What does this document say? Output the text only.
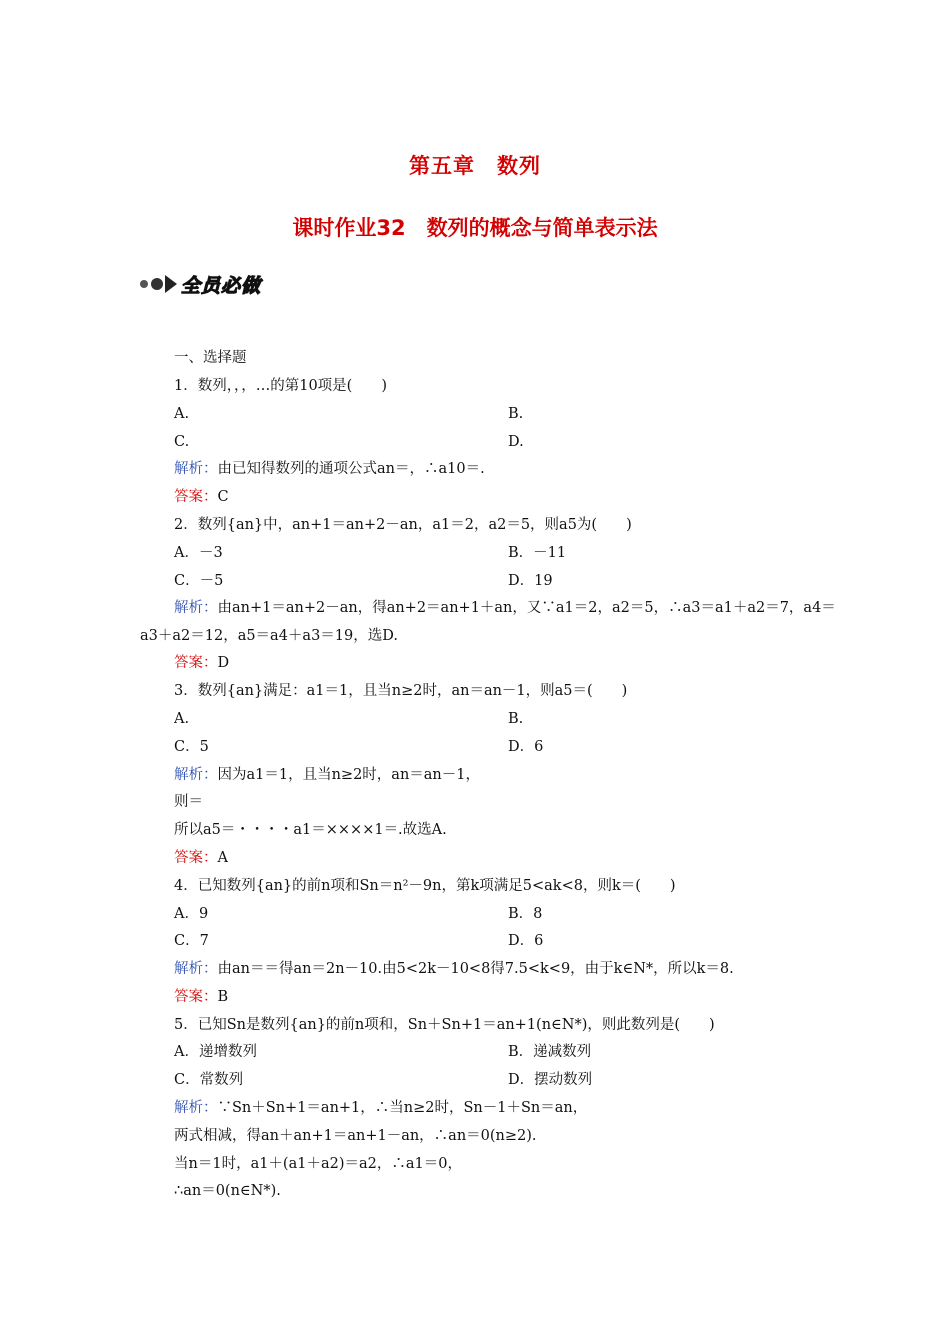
第五章　数列
课时作业32　数列的概念与简单表示法
全员必做
一、选择题
1．数列，，，…的第10项是(　　)
A.	B.
C.	D.
解析：由已知得数列的通项公式an＝，∴a10＝.
答案：C
2．数列{an}中，an+1＝an+2－an，a1＝2，a2＝5，则a5为(　　)
A．－3	B．－11
C．－5	D．19
解析：由an+1＝an+2－an，得an+2＝an+1＋an，又∵a1＝2，a2＝5，∴a3＝a1＋a2＝7，a4＝
a3＋a2＝12，a5＝a4＋a3＝19，选D.
答案：D
3．数列{an}满足：a1＝1，且当n≥2时，an＝an－1，则a5＝(　　)
A.	B.
C．5	D．6
解析：因为a1＝1，且当n≥2时，an＝an－1，
则＝
所以a5＝・・・・a1＝××××1＝.故选A.
答案：A
4．已知数列{an}的前n项和Sn＝n²－9n，第k项满足5<ak<8，则k＝(　　)
A．9	B．8
C．7	D．6
解析：由an＝＝得an＝2n－10.由5<2k－10<8得7.5<k<9，由于k∈N*，所以k＝8.
答案：B
5．已知Sn是数列{an}的前n项和，Sn＋Sn+1＝an+1(n∈N*)，则此数列是(　　)
A．递增数列	B．递减数列
C．常数列	D．摆动数列
解析：∵Sn＋Sn+1＝an+1，∴当n≥2时，Sn－1＋Sn＝an，
两式相减，得an＋an+1＝an+1－an，∴an＝0(n≥2).
当n＝1时，a1＋(a1＋a2)＝a2，∴a1＝0，
∴an＝0(n∈N*).
